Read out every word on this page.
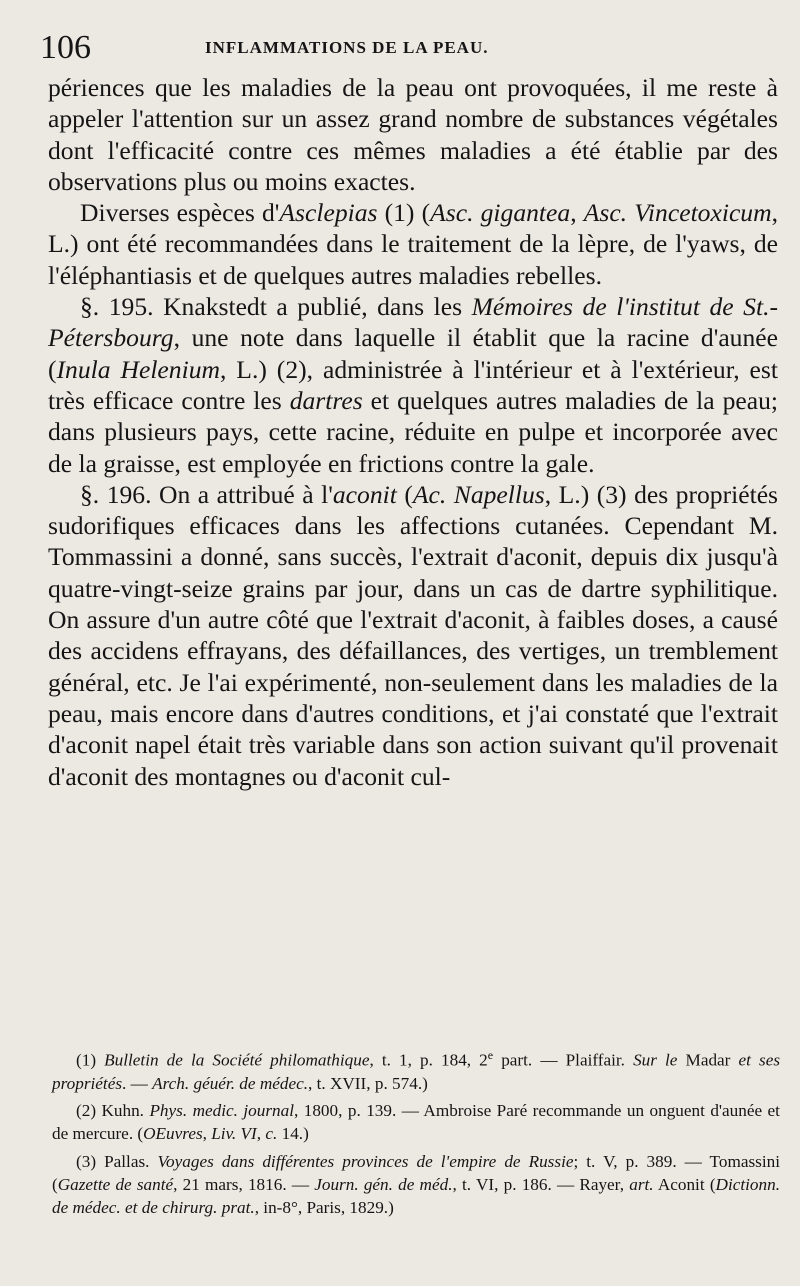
106	INFLAMMATIONS DE LA PEAU.

périences que les maladies de la peau ont provoquées, il me reste à appeler l'attention sur un assez grand nombre de substances végétales dont l'efficacité contre ces mêmes maladies a été établie par des observations plus ou moins exactes.

Diverses espèces d'Asclepias (1) (Asc. gigantea, Asc. Vincetoxicum, L.) ont été recommandées dans le traitement de la lèpre, de l'yaws, de l'éléphantiasis et de quelques autres maladies rebelles.

§. 195. Knakstedt a publié, dans les Mémoires de l'institut de St.-Pétersbourg, une note dans laquelle il établit que la racine d'aunée (Inula Helenium, L.) (2), administrée à l'intérieur et à l'extérieur, est très efficace contre les dartres et quelques autres maladies de la peau; dans plusieurs pays, cette racine, réduite en pulpe et incorporée avec de la graisse, est employée en frictions contre la gale.

§. 196. On a attribué à l'aconit (Ac. Napellus, L.) (3) des propriétés sudorifiques efficaces dans les affections cutanées. Cependant M. Tommassini a donné, sans succès, l'extrait d'aconit, depuis dix jusqu'à quatre-vingt-seize grains par jour, dans un cas de dartre syphilitique. On assure d'un autre côté que l'extrait d'aconit, à faibles doses, a causé des accidens effrayans, des défaillances, des vertiges, un tremblement général, etc. Je l'ai expérimenté, non-seulement dans les maladies de la peau, mais encore dans d'autres conditions, et j'ai constaté que l'extrait d'aconit napel était très variable dans son action suivant qu'il provenait d'aconit des montagnes ou d'aconit cul-

(1) Bulletin de la Société philomathique, t. 1, p. 184, 2e part. — Plaiffair. Sur le Madar et ses propriétés. — Arch. géuér. de médec., t. XVII, p. 574.)

(2) Kuhn. Phys. medic. journal, 1800, p. 139. — Ambroise Paré recommande un onguent d'aunée et de mercure. (OEuvres, Liv. VI, c. 14.)

(3) Pallas. Voyages dans différentes provinces de l'empire de Russie; t. V, p. 389. — Tomassini (Gazette de santé, 21 mars, 1816. — Journ. gén. de méd., t. VI, p. 186. — Rayer, art. Aconit (Dictionn. de médec. et de chirurg. prat., in-8°, Paris, 1829.)
